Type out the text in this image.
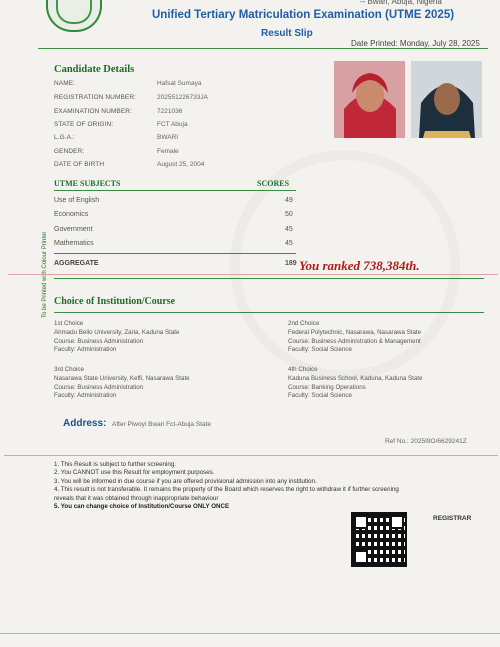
-- Bwari, Abuja, Nigeria
Unified Tertiary Matriculation Examination (UTME 2025)
Result Slip
Date Printed: Monday, July 28, 2025
Candidate Details
NAME:	Hafsat Sumaya
REGISTRATION NUMBER:	202551226733JA
EXAMINATION NUMBER:	7221036
STATE OF ORIGIN:	FCT Abuja
L.G.A.:	BWARI
GENDER:	Female
DATE OF BIRTH	August 25, 2004
UTME SUBJECTS	SCORES
Use of English	49
Economics	50
Government	45
Mathematics	45
AGGREGATE	189 You ranked 738,384th.
Choice of Institution/Course
1st Choice
Ahmadu Bello University, Zaria, Kaduna State
Course: Business Administration
Faculty: Administration
2nd Choice
Federal Polytechnic, Nasarawa, Nasarawa State
Course: Business Administration & Management
Faculty: Social Science
3rd Choice
Nasarawa State University, Keffi, Nasarawa State
Course: Business Administration
Faculty: Administration
4th Choice
Kaduna Business School, Kaduna, Kaduna State
Course: Banking Operations
Faculty: Social Science
Address: After Piwoyi Bwari Fct-Abuja State
Ref No.: 2025I9O/6629241Z
1. This Result is subject to further screening.
2. You CANNOT use this Result for employment purposes.
3. You will be informed in due course if you are offered provisional admission into any institution.
4. This result is not transferable. It remains the property of the Board which reserves the right to withdraw it if further screening
reveals that it was obtained through inappropriate behaviour
5. You can change choice of Institution/Course ONLY ONCE
REGISTRAR
